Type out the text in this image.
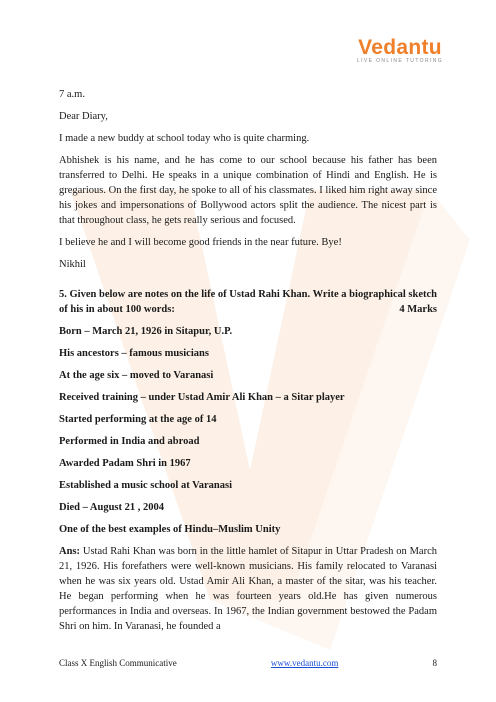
Vedantu
LIVE ONLINE TUTORING

7 a.m.

Dear Diary,

I made a new buddy at school today who is quite charming.

Abhishek is his name, and he has come to our school because his father has been transferred to Delhi. He speaks in a unique combination of Hindi and English. He is gregarious. On the first day, he spoke to all of his classmates. I liked him right away since his jokes and impersonations of Bollywood actors split the audience. The nicest part is that throughout class, he gets really serious and focused.

I believe he and I will become good friends in the near future. Bye!

Nikhil

5. Given below are notes on the life of Ustad Rahi Khan. Write a biographical sketch of his in about 100 words:	4 Marks

Born – March 21, 1926 in Sitapur, U.P.

His ancestors – famous musicians

At the age six – moved to Varanasi

Received training – under Ustad Amir Ali Khan – a Sitar player

Started performing at the age of 14

Performed in India and abroad

Awarded Padam Shri in 1967

Established a music school at Varanasi

Died – August 21 , 2004

One of the best examples of Hindu–Muslim Unity

Ans: Ustad Rahi Khan was born in the little hamlet of Sitapur in Uttar Pradesh on March 21, 1926. His forefathers were well-known musicians. His family relocated to Varanasi when he was six years old. Ustad Amir Ali Khan, a master of the sitar, was his teacher. He began performing when he was fourteen years old.He has given numerous performances in India and overseas. In 1967, the Indian government bestowed the Padam Shri on him. In Varanasi, he founded a

Class X English Communicative	www.vedantu.com	8
